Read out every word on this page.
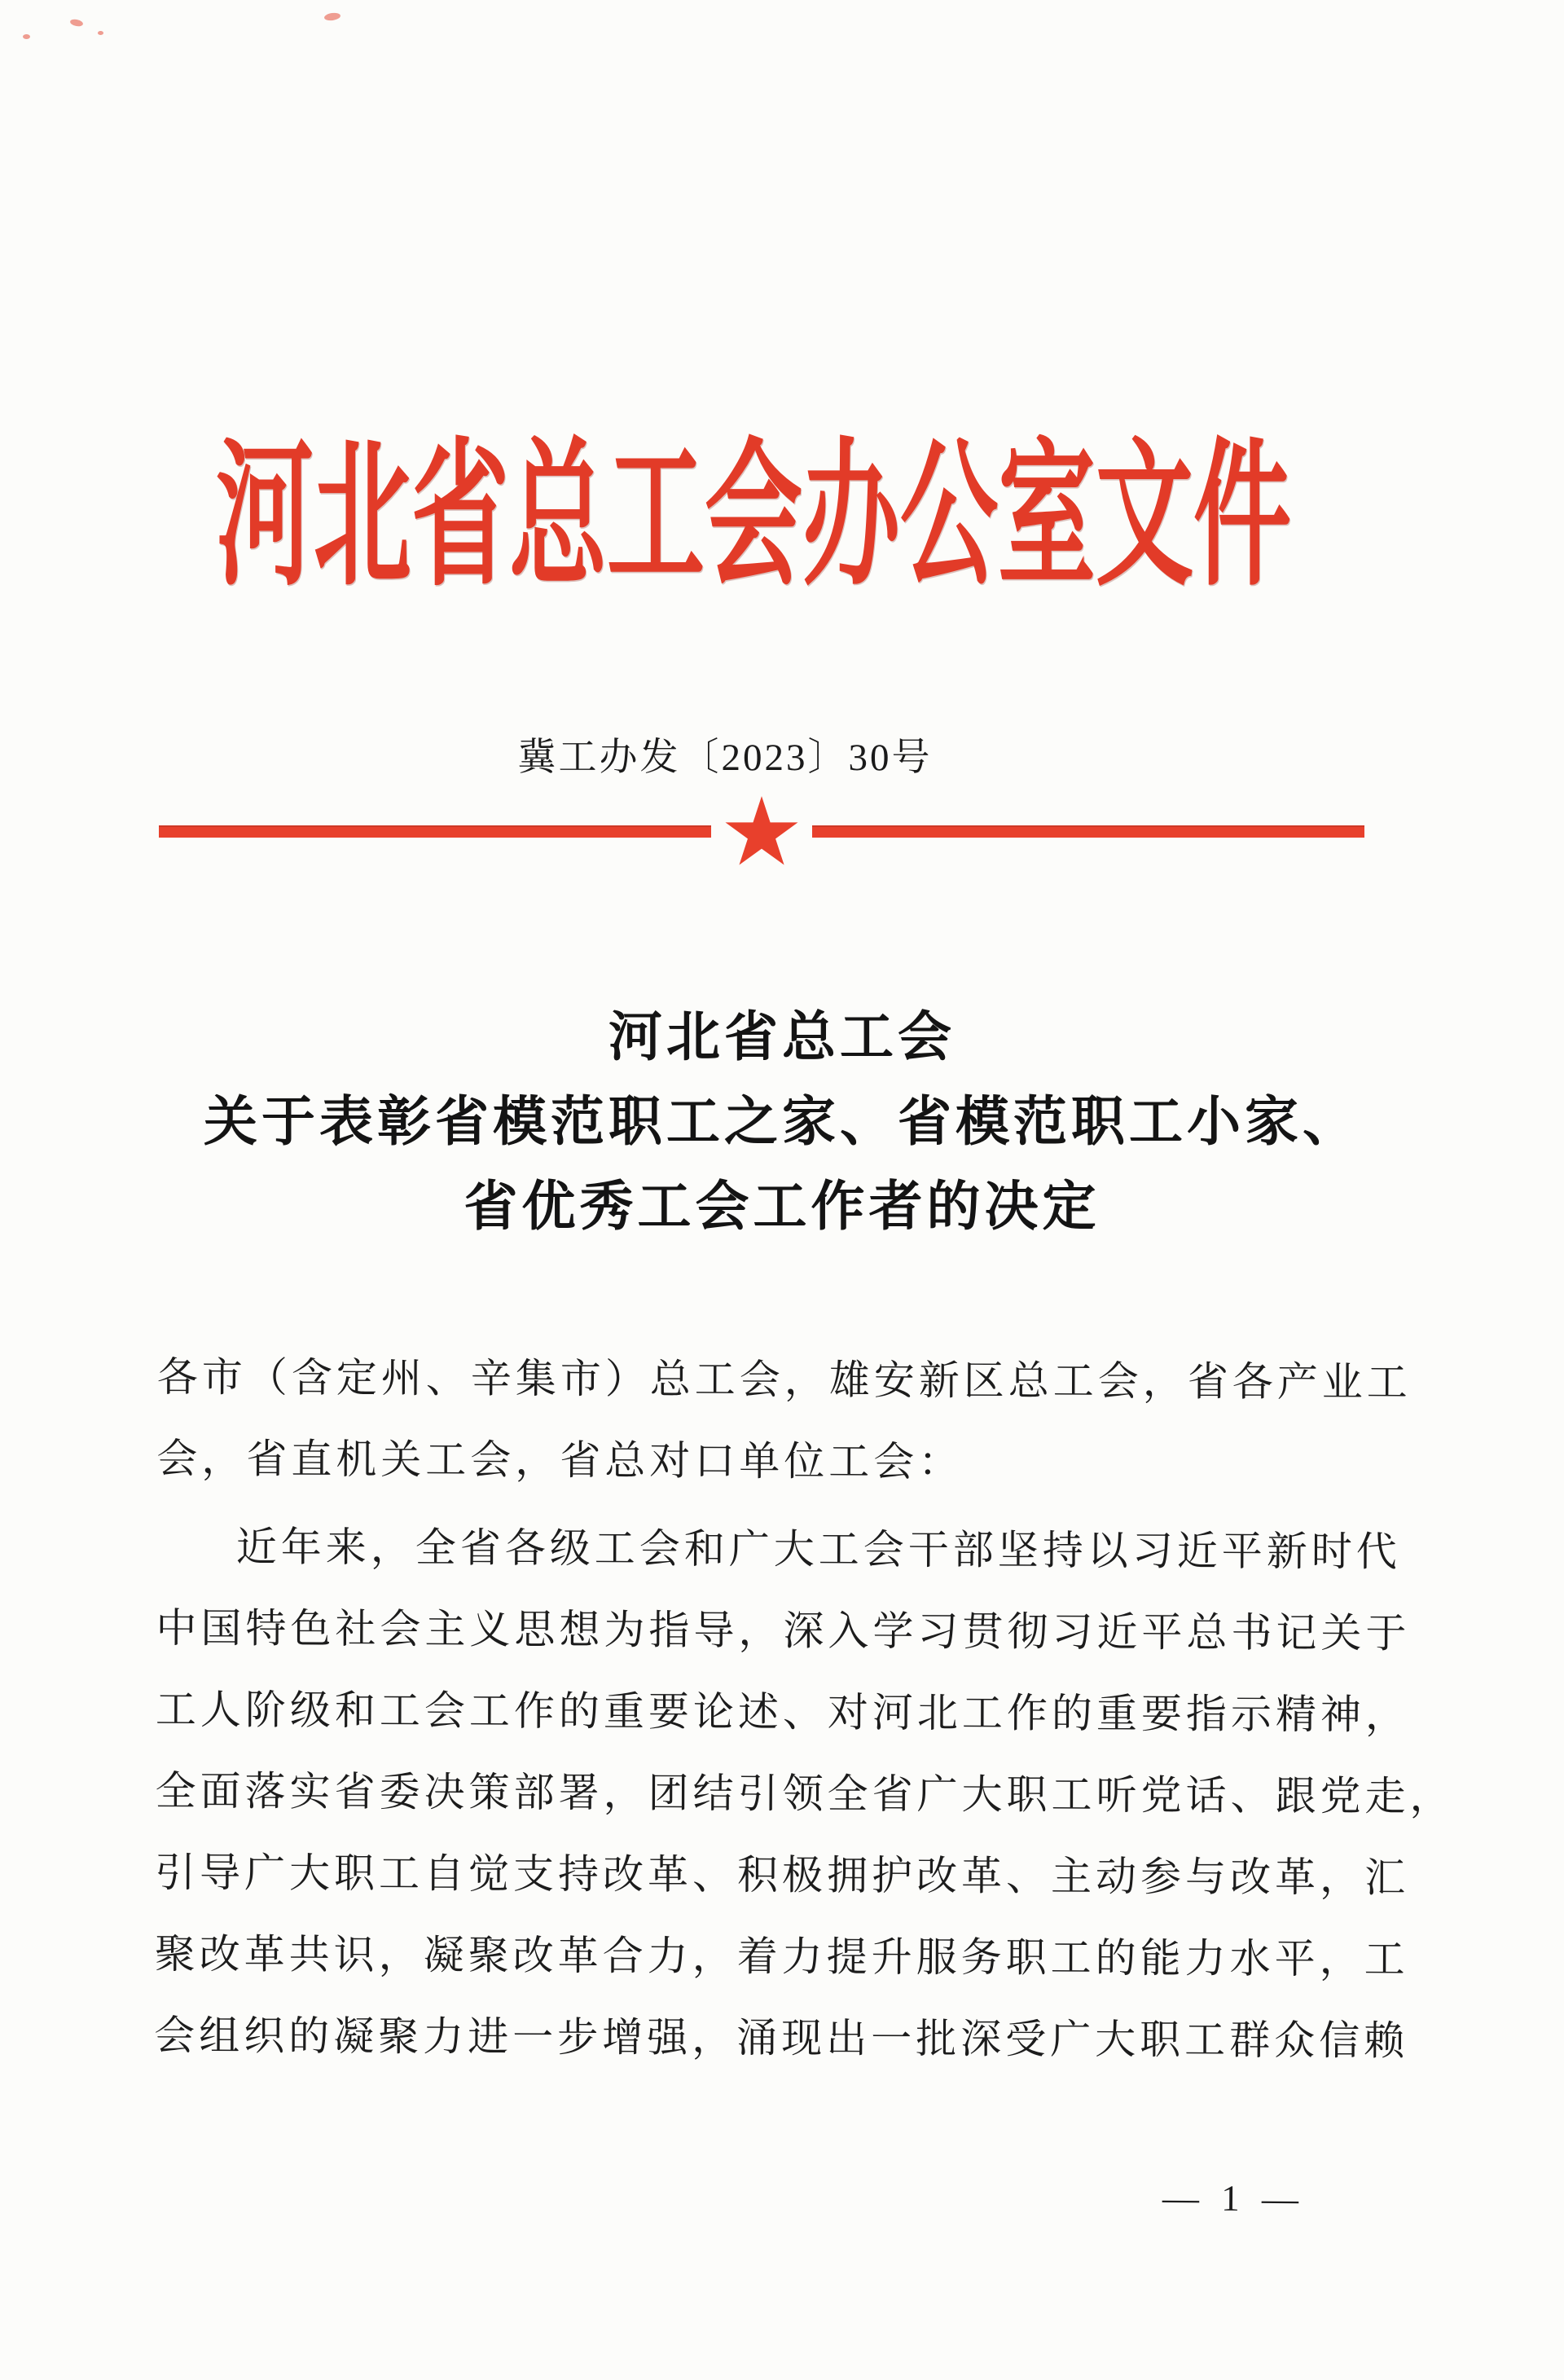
河北省总工会办公室文件
冀工办发〔2023〕30号
★
河北省总工会
关于表彰省模范职工之家、省模范职工小家、
省优秀工会工作者的决定
各市（含定州、辛集市）总工会，雄安新区总工会，省各产业工
会，省直机关工会，省总对口单位工会：
近年来，全省各级工会和广大工会干部坚持以习近平新时代
中国特色社会主义思想为指导，深入学习贯彻习近平总书记关于
工人阶级和工会工作的重要论述、对河北工作的重要指示精神，
全面落实省委决策部署，团结引领全省广大职工听党话、跟党走，
引导广大职工自觉支持改革、积极拥护改革、主动参与改革，汇
聚改革共识，凝聚改革合力，着力提升服务职工的能力水平，工
会组织的凝聚力进一步增强，涌现出一批深受广大职工群众信赖
— 1 —
